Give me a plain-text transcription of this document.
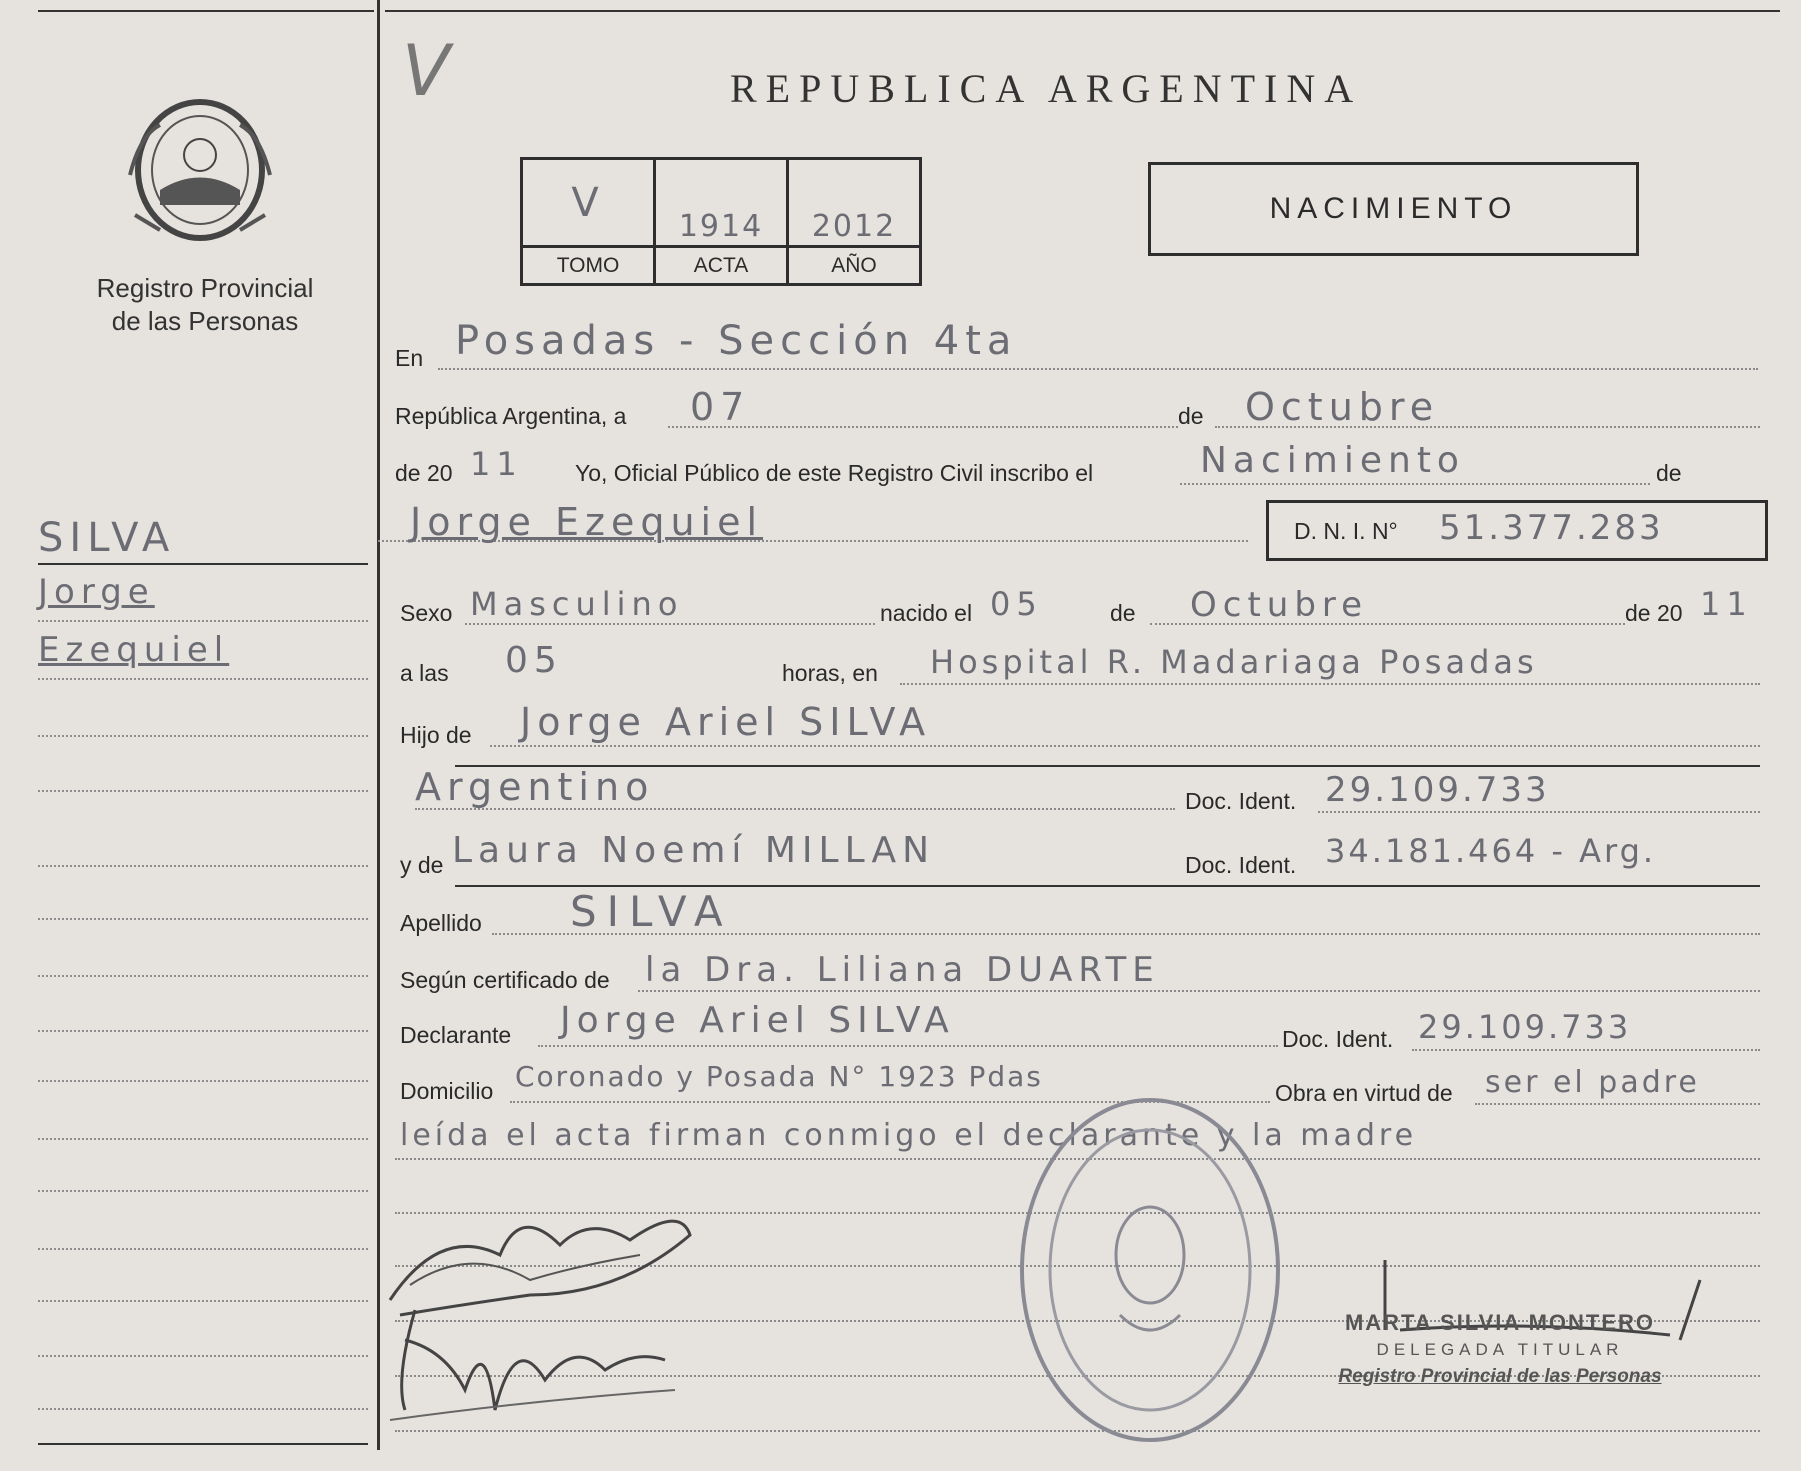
Registro Provincial
de las Personas
V	REPUBLICA ARGENTINA
V	1914	2012
TOMO	ACTA	AÑO
NACIMIENTO
SILVA
Jorge
Ezequiel
En Posadas - Sección 4ta
República Argentina, a 07	de Octubre
de 20 11 Yo, Oficial Público de este Registro Civil inscribo el	Nacimiento	de
Jorge Ezequiel	D. N. I. N° 51.377.283
Sexo Masculino	nacido el 05	de Octubre	de 20 11
a las 05	horas, en Hospital R. Madariaga Posadas
Hijo de Jorge Ariel SILVA
Argentino	Doc. Ident. 29.109.733
y de Laura Noemí MILLAN	Doc. Ident. 34.181.464 - Arg.
Apellido SILVA
Según certificado de la Dra. Liliana DUARTE
Declarante Jorge Ariel SILVA	Doc. Ident. 29.109.733
Domicilio Coronado y Posada N° 1923 Pdas	Obra en virtud de ser el padre
leída el acta firman conmigo el declarante y la madre
MARTA SILVIA MONTERO
DELEGADA TITULAR
Registro Provincial de las Personas
